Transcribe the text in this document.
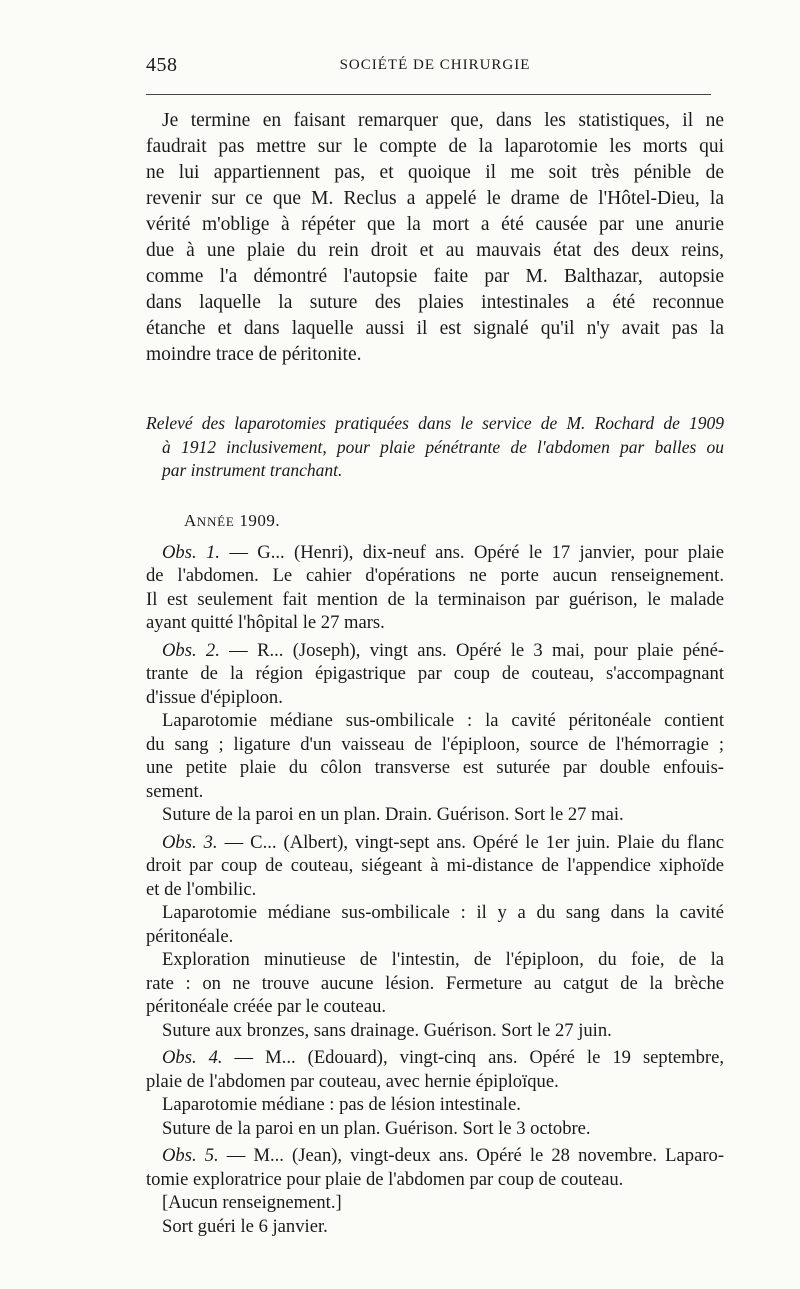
458	SOCIÉTÉ DE CHIRURGIE
Je termine en faisant remarquer que, dans les statistiques, il ne
faudrait pas mettre sur le compte de la laparotomie les morts qui
ne lui appartiennent pas, et quoique il me soit très pénible de
revenir sur ce que M. Reclus a appelé le drame de l'Hôtel-Dieu, la
vérité m'oblige à répéter que la mort a été causée par une anurie
due à une plaie du rein droit et au mauvais état des deux reins,
comme l'a démontré l'autopsie faite par M. Balthazar, autopsie
dans laquelle la suture des plaies intestinales a été reconnue
étanche et dans laquelle aussi il est signalé qu'il n'y avait pas la
moindre trace de péritonite.
Relevé des laparotomies pratiquées dans le service de M. Rochard de 1909
à 1912 inclusivement, pour plaie pénétrante de l'abdomen par balles ou
par instrument tranchant.
ANNÉE 1909.
Obs. 1. — G... (Henri), dix-neuf ans. Opéré le 17 janvier, pour plaie
de l'abdomen. Le cahier d'opérations ne porte aucun renseignement.
Il est seulement fait mention de la terminaison par guérison, le malade
ayant quitté l'hôpital le 27 mars.
Obs. 2. — R... (Joseph), vingt ans. Opéré le 3 mai, pour plaie péné-
trante de la région épigastrique par coup de couteau, s'accompagnant
d'issue d'épiploon.
Laparotomie médiane sus-ombilicale : la cavité péritonéale contient
du sang ; ligature d'un vaisseau de l'épiploon, source de l'hémorragie ;
une petite plaie du côlon transverse est suturée par double enfouis-
sement.
Suture de la paroi en un plan. Drain. Guérison. Sort le 27 mai.
Obs. 3. — C... (Albert), vingt-sept ans. Opéré le 1er juin. Plaie du flanc
droit par coup de couteau, siégeant à mi-distance de l'appendice xiphoïde
et de l'ombilic.
Laparotomie médiane sus-ombilicale : il y a du sang dans la cavité
péritonéale.
Exploration minutieuse de l'intestin, de l'épiploon, du foie, de la
rate : on ne trouve aucune lésion. Fermeture au catgut de la brèche
péritonéale créée par le couteau.
Suture aux bronzes, sans drainage. Guérison. Sort le 27 juin.
Obs. 4. — M... (Edouard), vingt-cinq ans. Opéré le 19 septembre,
plaie de l'abdomen par couteau, avec hernie épiploïque.
Laparotomie médiane : pas de lésion intestinale.
Suture de la paroi en un plan. Guérison. Sort le 3 octobre.
Obs. 5. — M... (Jean), vingt-deux ans. Opéré le 28 novembre. Laparo-
tomie exploratrice pour plaie de l'abdomen par coup de couteau.
[Aucun renseignement.]
Sort guéri le 6 janvier.
